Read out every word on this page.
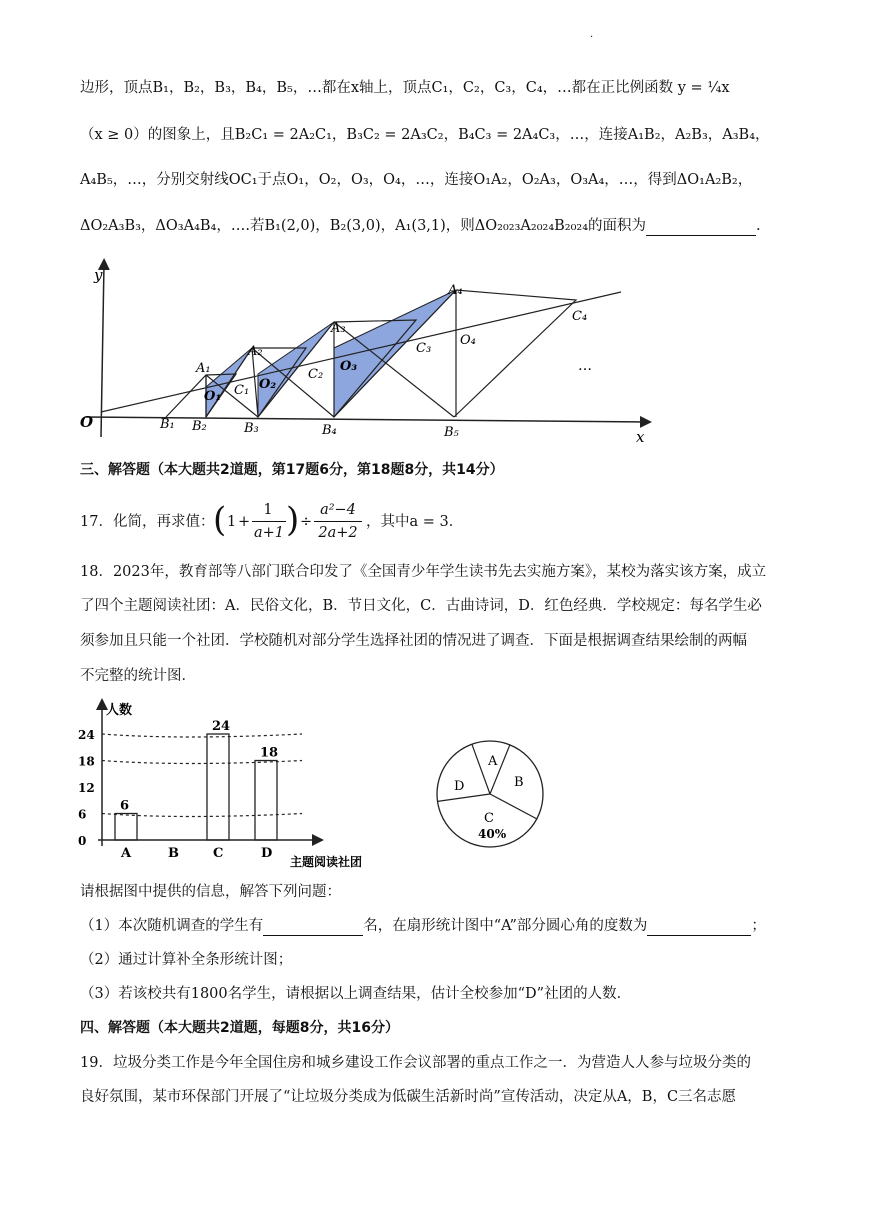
·
边形，顶点B₁，B₂，B₃，B₄，B₅，…都在x轴上，顶点C₁，C₂，C₃，C₄，…都在正比例函数 y = ¼x
（x ≥ 0）的图象上，且B₂C₁ = 2A₂C₁，B₃C₂ = 2A₃C₂，B₄C₃ = 2A₄C₃，…，连接A₁B₂，A₂B₃，A₃B₄，
A₄B₅，…，分别交射线OC₁于点O₁，O₂，O₃，O₄，…，连接O₁A₂，O₂A₃，O₃A₄，…，得到ΔO₁A₂B₂，
ΔO₂A₃B₃，ΔO₃A₄B₄，….若B₁(2,0)，B₂(3,0)，A₁(3,1)，则ΔO₂₀₂₃A₂₀₂₄B₂₀₂₄的面积为	.
y
x
O
A₁
A₂
A₃
A₄
B₁ B₂	B₃	B₄	B₅
C₁
C₂
C₃
C₄
O₁
O₂
O₃
O₄
…
三、解答题（本大题共2道题，第17题6分，第18题8分，共14分）
17．化简，再求值：
( 1 +
1
a+1 ) ÷
a²−4
2a+2
，其中a = 3．
18．2023年，教育部等八部门联合印发了《全国青少年学生读书先去实施方案》，某校为落实该方案，成立
了四个主题阅读社团：A．民俗文化，B．节日文化，C．古曲诗词，D．红色经典．学校规定：每名学生必
须参加且只能一个社团．学校随机对部分学生选择社团的情况进了调查．下面是根据调查结果绘制的两幅
不完整的统计图．
0
6
12
18
24
6
A	B
24
C
18
D
人数
主题阅读社团
A
B
C
D
40%
请根据图中提供的信息，解答下列问题：
（1）本次随机调查的学生有	名，在扇形统计图中“A”部分圆心角的度数为	；
（2）通过计算补全条形统计图；
（3）若该校共有1800名学生，请根据以上调查结果，估计全校参加“D”社团的人数．
四、解答题（本大题共2道题，每题8分，共16分）
19．垃圾分类工作是今年全国住房和城乡建设工作会议部署的重点工作之一．为营造人人参与垃圾分类的
良好氛围，某市环保部门开展了“让垃圾分类成为低碳生活新时尚”宣传活动，决定从A，B，C三名志愿
